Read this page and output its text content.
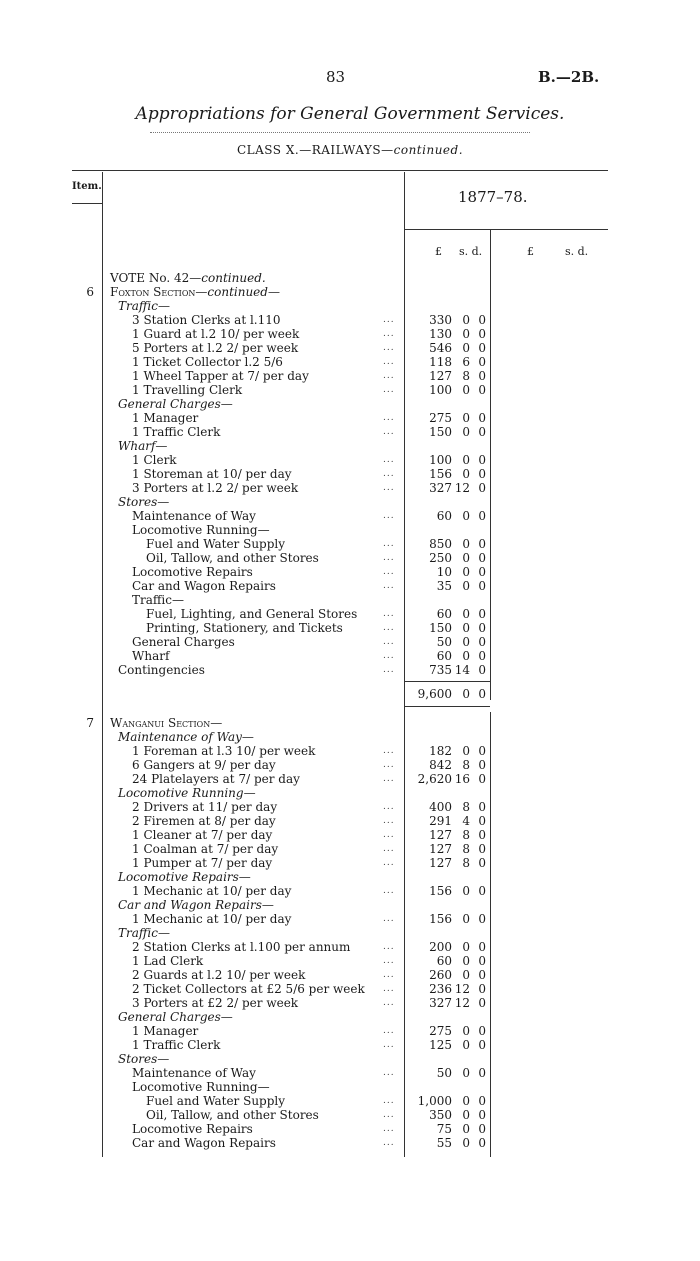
83	B.—2B.
Appropriations for General Government Services.
CLASS X.—RAILWAYS—continued.
Item.
1877–78.
£ s. d.	£	s. d.
VOTE No. 42—continued.
6 Foxton Section—continued—
Traffic—
3 Station Clerks at l.110	...	330 0 0
1 Guard at l.2 10/ per week	...	130 0 0
5 Porters at l.2 2/ per week	...	546 0 0
1 Ticket Collector l.2 5/6	...	118 6 0
1 Wheel Tapper at 7/ per day	...	127 8 0
1 Travelling Clerk	...	100 0 0
General Charges—
1 Manager	...	275 0 0
1 Traffic Clerk	...	150 0 0
Wharf—
1 Clerk	...	100 0 0
1 Storeman at 10/ per day	...	156 0 0
3 Porters at l.2 2/ per week	...	327 12 0
Stores—
Maintenance of Way	...	60 0 0
Locomotive Running—
Fuel and Water Supply	...	850 0 0
Oil, Tallow, and other Stores	...	250 0 0
Locomotive Repairs	...	10 0 0
Car and Wagon Repairs	...	35 0 0
Traffic—
Fuel, Lighting, and General Stores	...	60 0 0
Printing, Stationery, and Tickets	...	150 0 0
General Charges	...	50 0 0
Wharf	...	60 0 0
Contingencies	...	735 14 0
9,600 0 0
7 Wanganui Section—
Maintenance of Way—
1 Foreman at l.3 10/ per week	...	182 0 0
6 Gangers at 9/ per day	...	842 8 0
24 Platelayers at 7/ per day	...	2,620 16 0
Locomotive Running—
2 Drivers at 11/ per day	...	400 8 0
2 Firemen at 8/ per day	...	291 4 0
1 Cleaner at 7/ per day	...	127 8 0
1 Coalman at 7/ per day	...	127 8 0
1 Pumper at 7/ per day	...	127 8 0
Locomotive Repairs—
1 Mechanic at 10/ per day	...	156 0 0
Car and Wagon Repairs—
1 Mechanic at 10/ per day	...	156 0 0
Traffic—
2 Station Clerks at l.100 per annum	...	200 0 0
1 Lad Clerk	...	60 0 0
2 Guards at l.2 10/ per week	...	260 0 0
2 Ticket Collectors at £2 5/6 per week ...	236 12 0
3 Porters at £2 2/ per week	...	327 12 0
General Charges—
1 Manager	...	275 0 0
1 Traffic Clerk	...	125 0 0
Stores—
Maintenance of Way	...	50 0 0
Locomotive Running—
Fuel and Water Supply	...	1,000 0 0
Oil, Tallow, and other Stores	...	350 0 0
Locomotive Repairs	...	75 0 0
Car and Wagon Repairs	...	55 0 0
